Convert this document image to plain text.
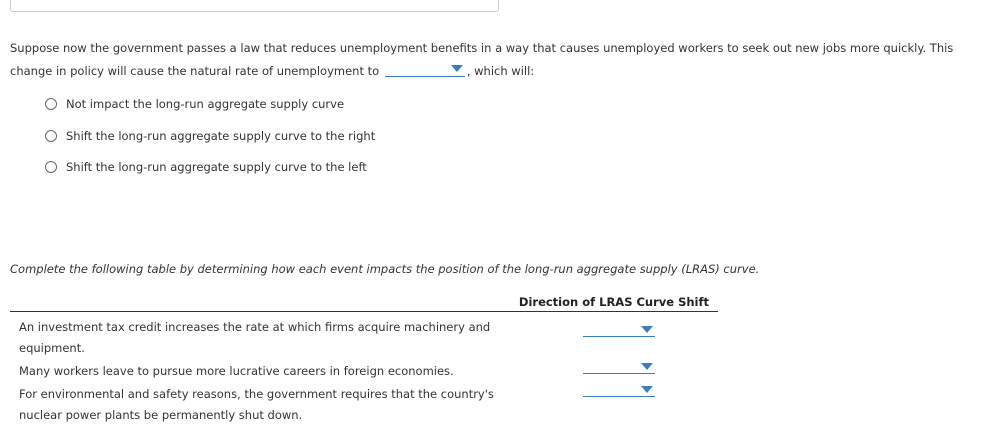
Suppose now the government passes a law that reduces unemployment benefits in a way that causes unemployed workers to seek out new jobs more quickly. This change in policy will cause the natural rate of unemployment to	, which will:
Not impact the long-run aggregate supply curve
Shift the long-run aggregate supply curve to the right
Shift the long-run aggregate supply curve to the left
Complete the following table by determining how each event impacts the position of the long-run aggregate supply (LRAS) curve.
Direction of LRAS Curve Shift
An investment tax credit increases the rate at which firms acquire machinery and equipment.
Many workers leave to pursue more lucrative careers in foreign economies.
For environmental and safety reasons, the government requires that the country's nuclear power plants be permanently shut down.
